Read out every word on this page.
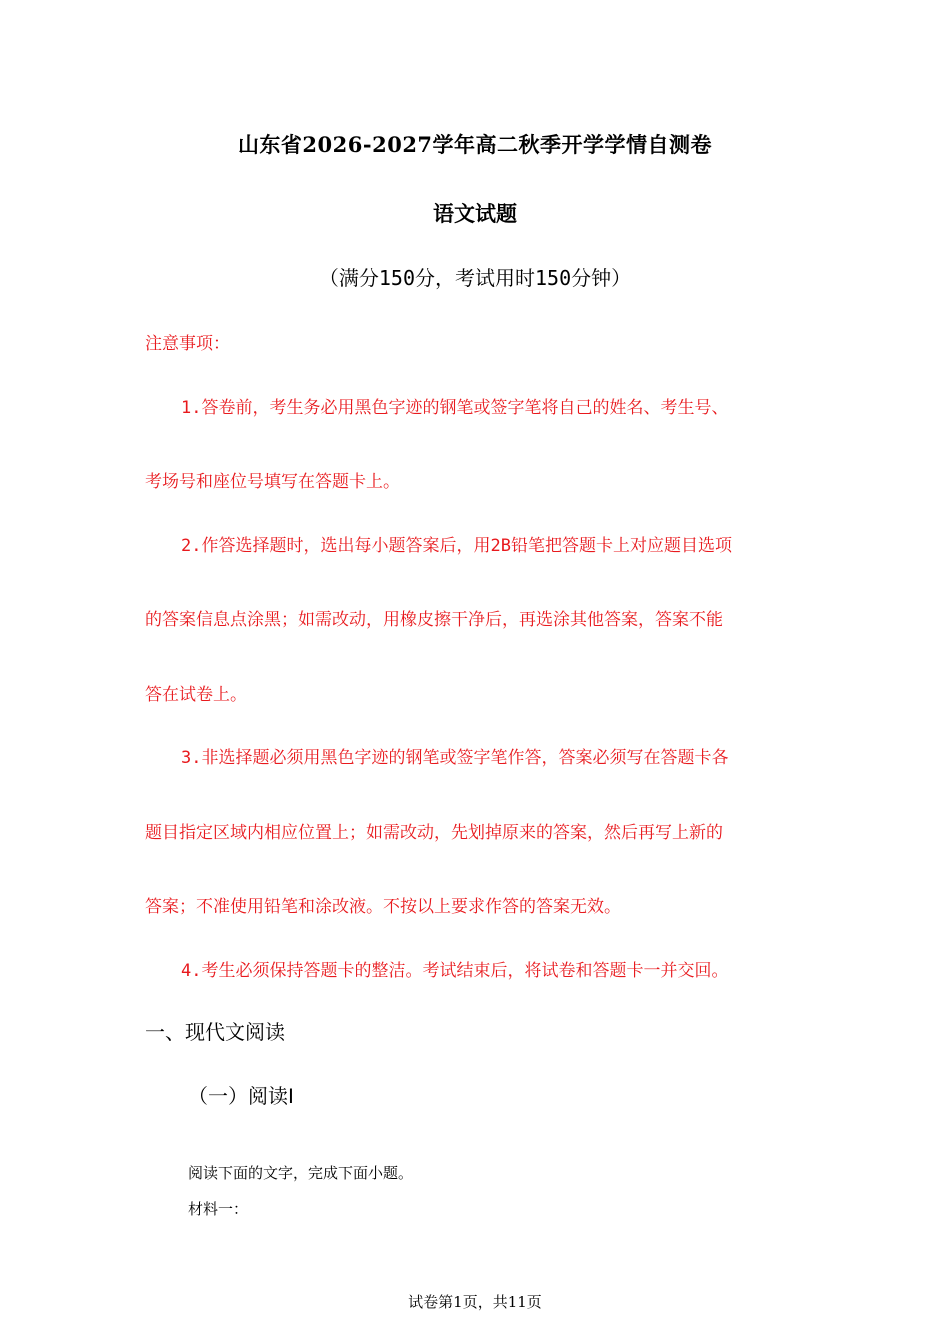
山东省2026-2027学年高二秋季开学学情自测卷
语文试题
（满分150分，考试用时150分钟）
注意事项：
1.答卷前，考生务必用黑色字迹的钢笔或签字笔将自己的姓名、考生号、
考场号和座位号填写在答题卡上。
2.作答选择题时，选出每小题答案后，用2B铅笔把答题卡上对应题目选项
的答案信息点涂黑；如需改动，用橡皮擦干净后，再选涂其他答案，答案不能
答在试卷上。
3.非选择题必须用黑色字迹的钢笔或签字笔作答，答案必须写在答题卡各
题目指定区域内相应位置上；如需改动，先划掉原来的答案，然后再写上新的
答案；不准使用铅笔和涂改液。不按以上要求作答的答案无效。
4.考生必须保持答题卡的整洁。考试结束后，将试卷和答题卡一并交回。
一、现代文阅读
（一）阅读Ⅰ
阅读下面的文字，完成下面小题。
材料一：
试卷第1页，共11页
